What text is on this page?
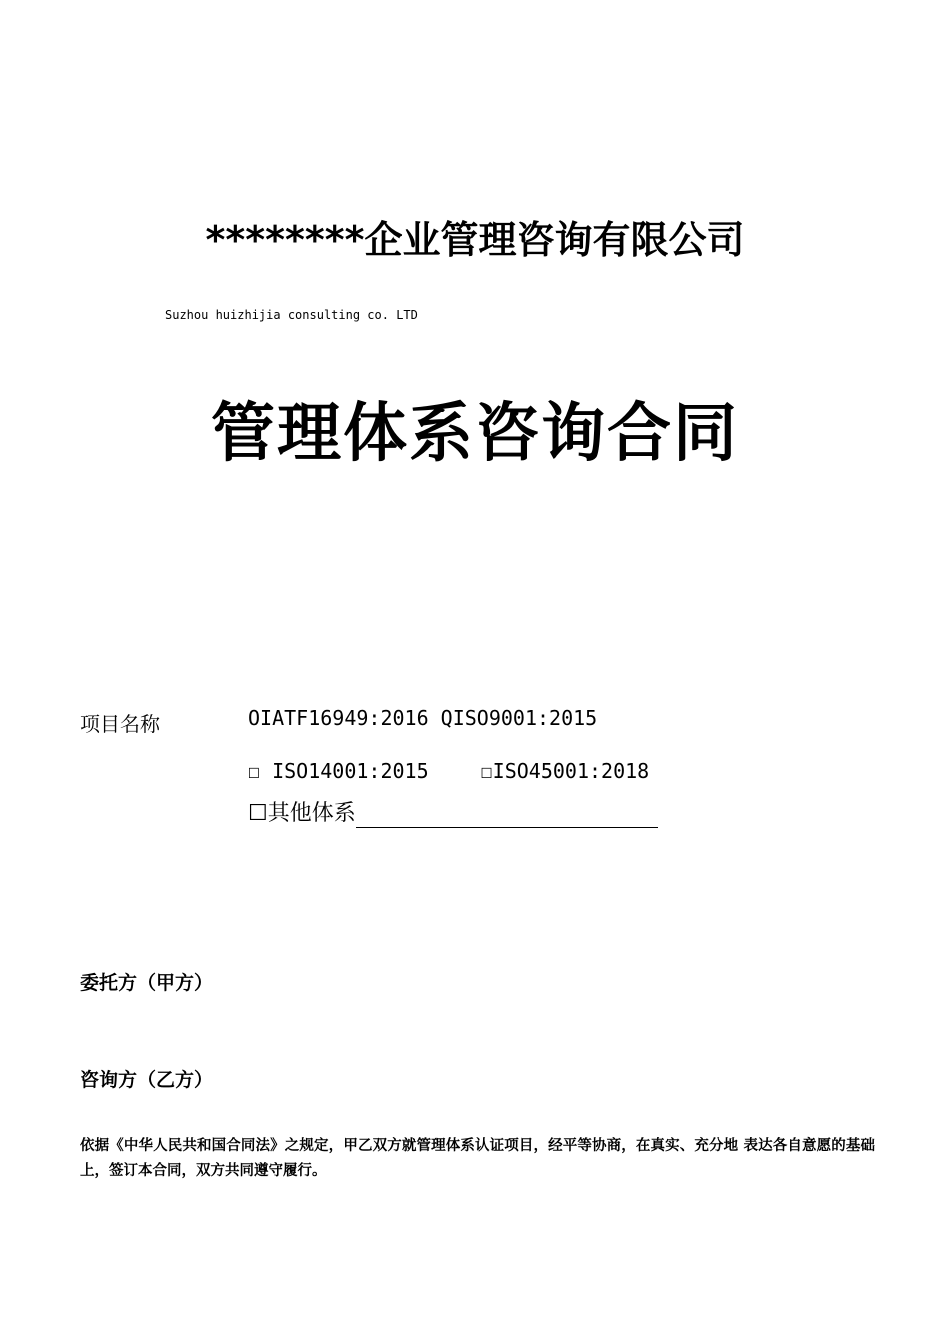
********企业管理咨询有限公司
Suzhou huizhijia consulting co. LTD
管理体系咨询合同
项目名称	OIATF16949:2016 QISO9001:2015
☐ ISO14001:2015	☐ISO45001:2018
☐其他体系
委托方（甲方）
咨询方（乙方）
依据《中华人民共和国合同法》之规定，甲乙双方就管理体系认证项目，经平等协商，在真实、充分地 表达各自意愿的基础上，签订本合同，双方共同遵守履行。
